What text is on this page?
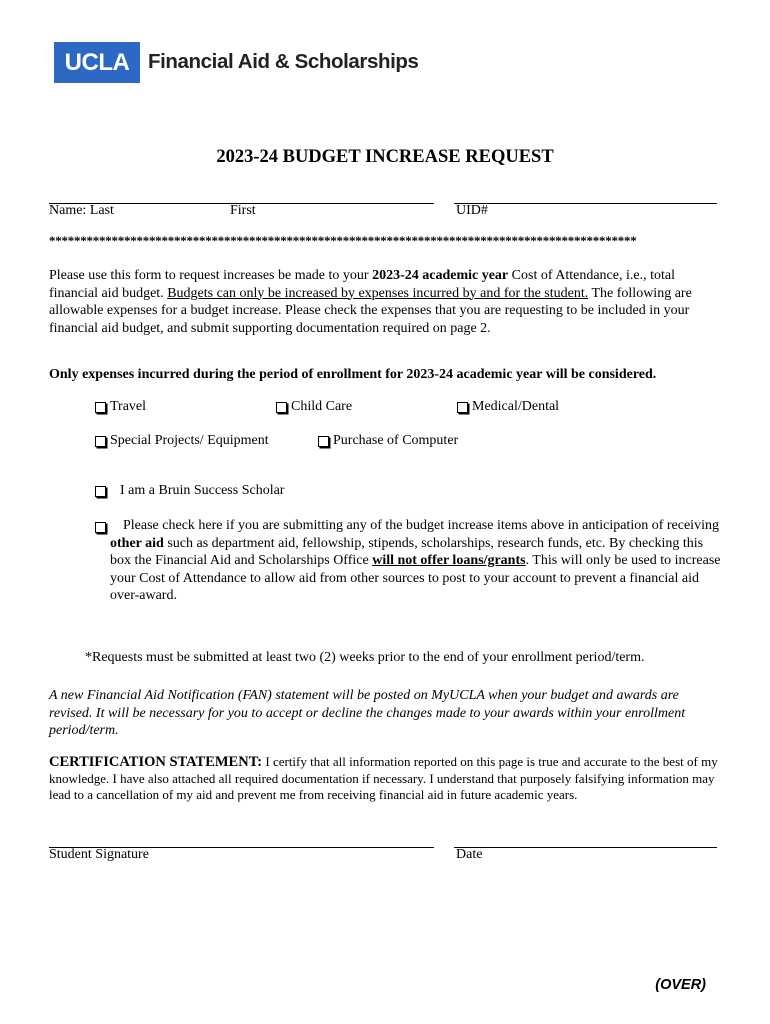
UCLA Financial Aid & Scholarships
2023-24 BUDGET INCREASE REQUEST
Name: Last	First	UID#
**********************************************************************************************
Please use this form to request increases be made to your 2023-24 academic year Cost of Attendance, i.e., total financial aid budget. Budgets can only be increased by expenses incurred by and for the student. The following are allowable expenses for a budget increase. Please check the expenses that you are requesting to be included in your financial aid budget, and submit supporting documentation required on page 2.
Only expenses incurred during the period of enrollment for 2023-24 academic year will be considered.
Travel	Child Care	Medical/Dental
Special Projects/ Equipment	Purchase of Computer
I am a Bruin Success Scholar
Please check here if you are submitting any of the budget increase items above in anticipation of receiving other aid such as department aid, fellowship, stipends, scholarships, research funds, etc. By checking this box the Financial Aid and Scholarships Office will not offer loans/grants. This will only be used to increase your Cost of Attendance to allow aid from other sources to post to your account to prevent a financial aid over-award.
*Requests must be submitted at least two (2) weeks prior to the end of your enrollment period/term.
A new Financial Aid Notification (FAN) statement will be posted on MyUCLA when your budget and awards are revised. It will be necessary for you to accept or decline the changes made to your awards within your enrollment period/term.
CERTIFICATION STATEMENT: I certify that all information reported on this page is true and accurate to the best of my knowledge. I have also attached all required documentation if necessary. I understand that purposely falsifying information may lead to a cancellation of my aid and prevent me from receiving financial aid in future academic years.
Student Signature	Date
(OVER)
